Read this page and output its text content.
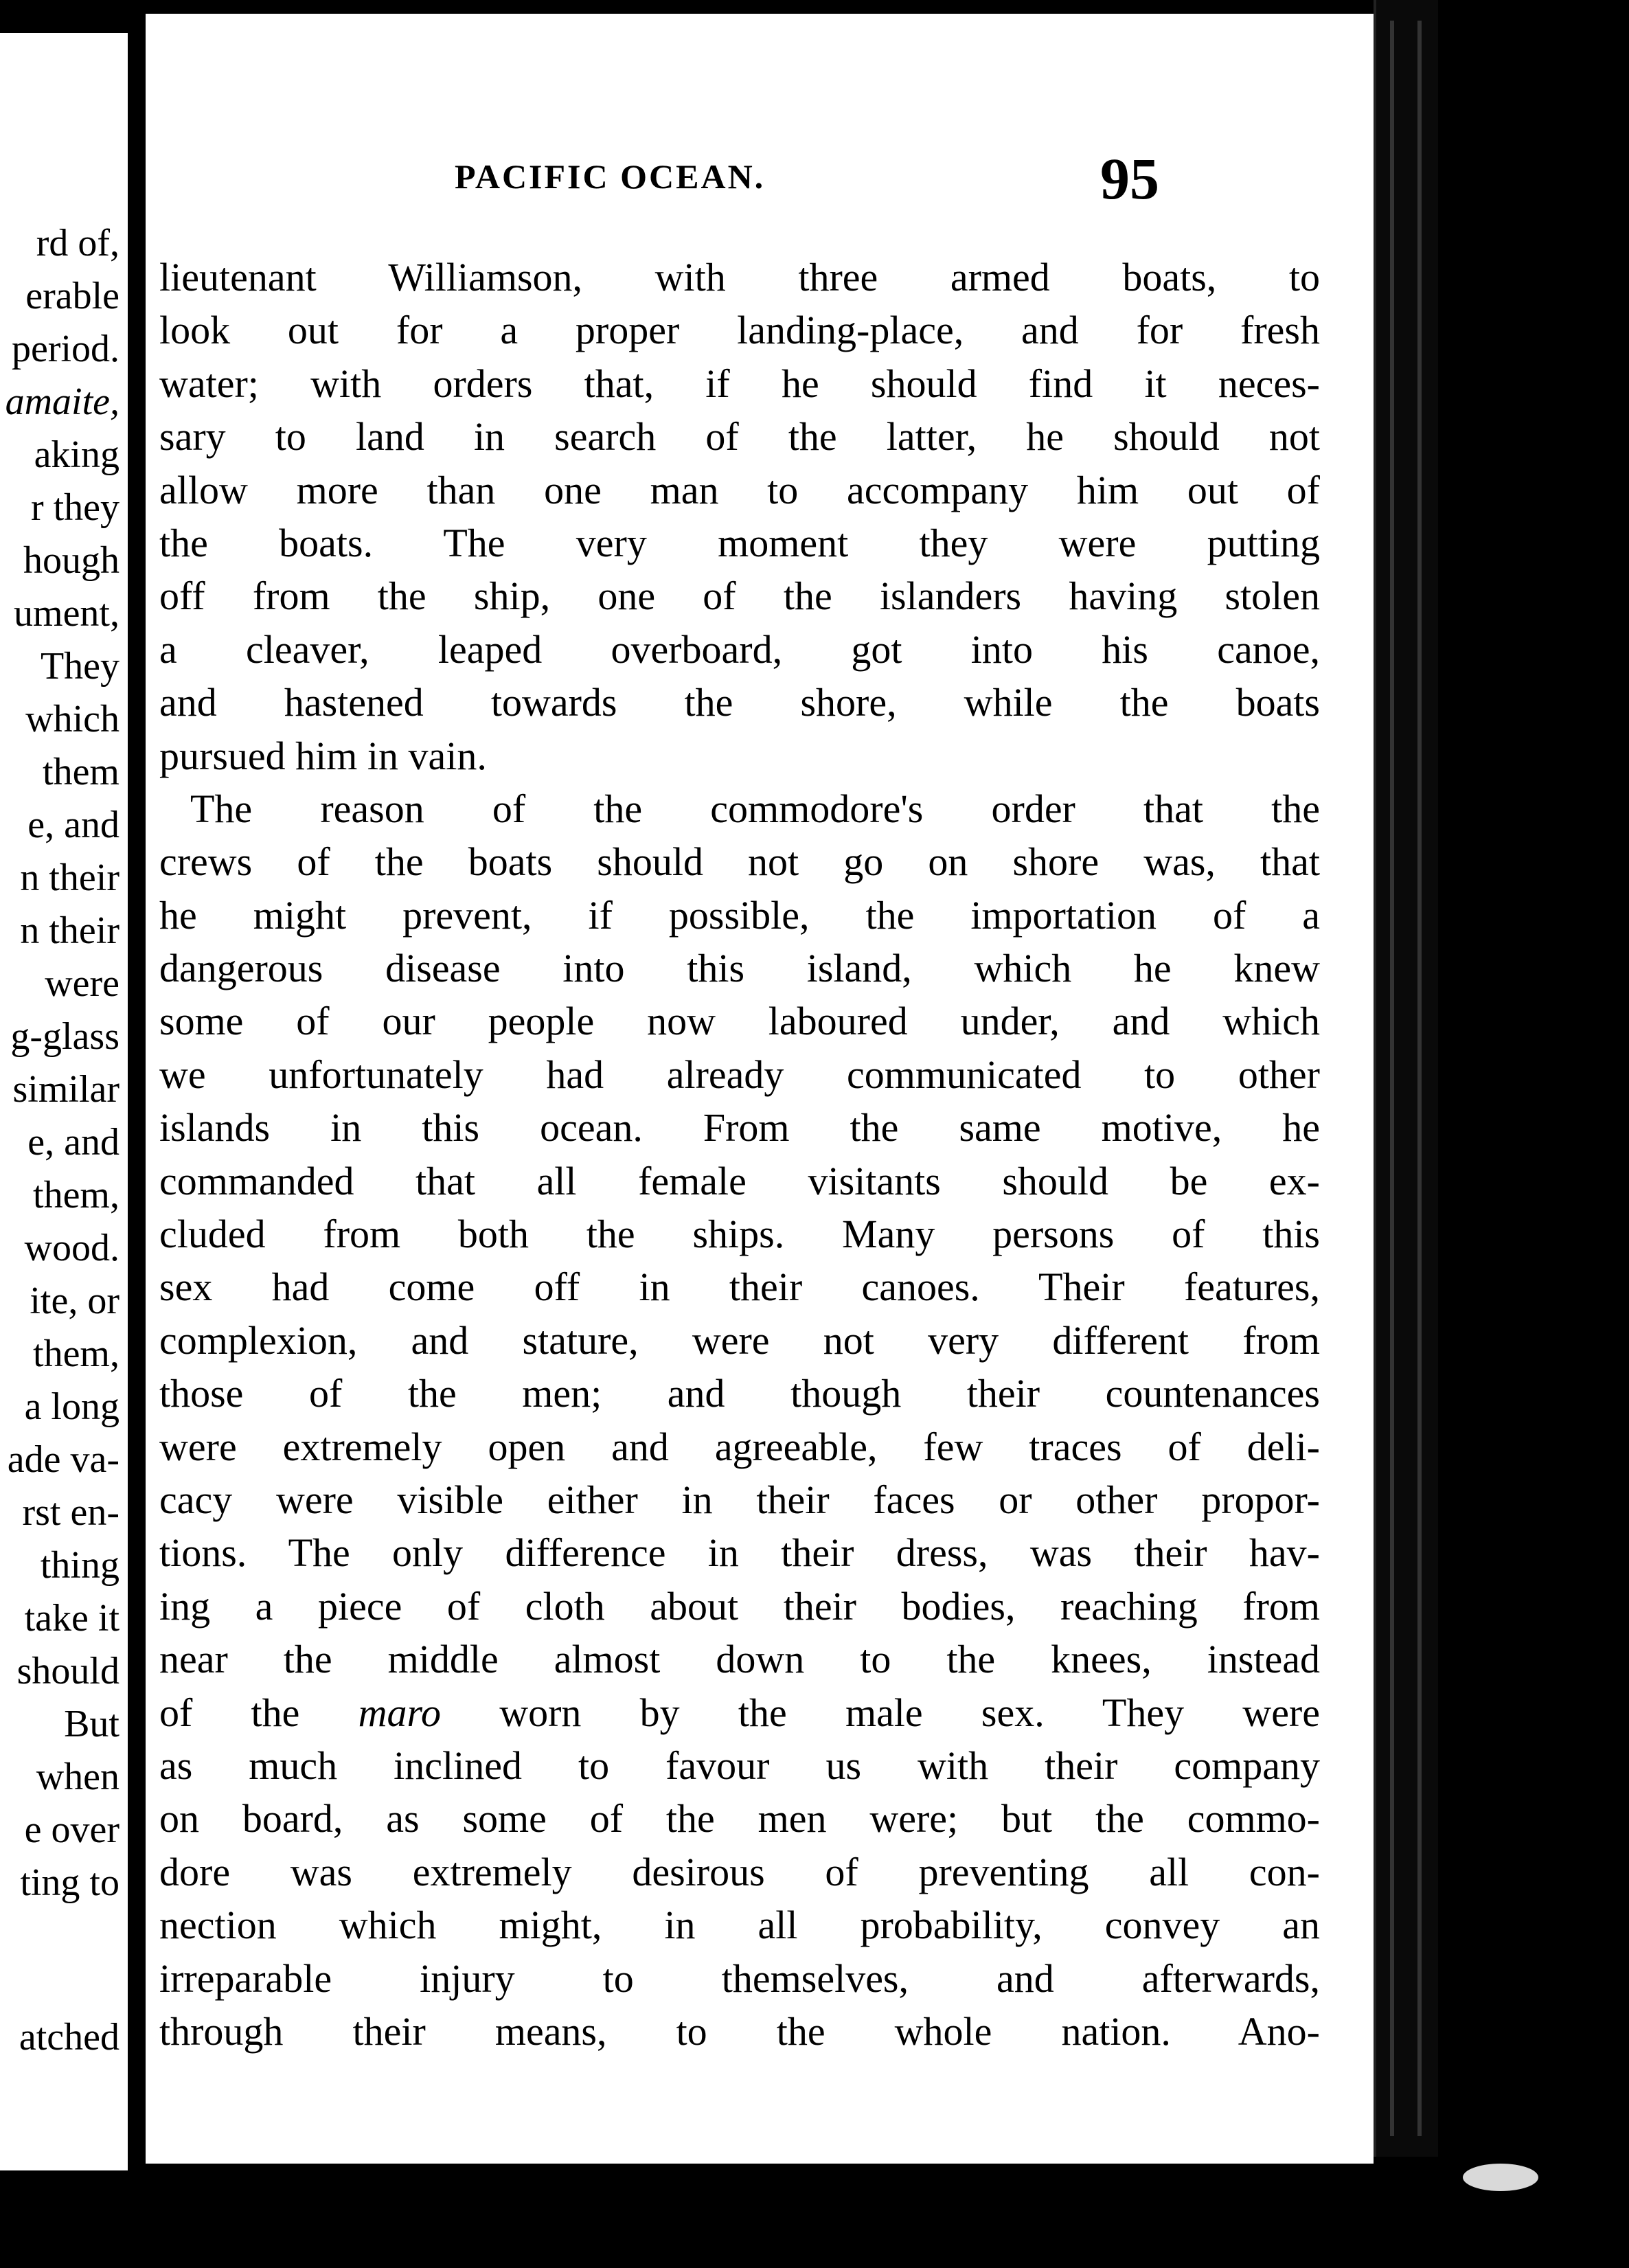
rd of,
erable
period.
amaite,
aking
r they
hough
ument,
They
which
them
e, and
n their
n their
were
g-glass
similar
e, and
them,
wood.
ite, or
them,
a long
ade va-
rst en-
thing
take it
should
But
when
e over
ting to
atched
PACIFIC OCEAN.	95
lieutenant Williamson, with three armed boats, to
look out for a proper landing-place, and for fresh
water; with orders that, if he should find it neces-
sary to land in search of the latter, he should not
allow more than one man to accompany him out of
the boats. The very moment they were putting
off from the ship, one of the islanders having stolen
a cleaver, leaped overboard, got into his canoe,
and hastened towards the shore, while the boats
pursued him in vain.
The reason of the commodore's order that the
crews of the boats should not go on shore was, that
he might prevent, if possible, the importation of a
dangerous disease into this island, which he knew
some of our people now laboured under, and which
we unfortunately had already communicated to other
islands in this ocean. From the same motive, he
commanded that all female visitants should be ex-
cluded from both the ships. Many persons of this
sex had come off in their canoes. Their features,
complexion, and stature, were not very different from
those of the men; and though their countenances
were extremely open and agreeable, few traces of deli-
cacy were visible either in their faces or other propor-
tions. The only difference in their dress, was their hav-
ing a piece of cloth about their bodies, reaching from
near the middle almost down to the knees, instead
of the maro worn by the male sex. They were
as much inclined to favour us with their company
on board, as some of the men were; but the commo-
dore was extremely desirous of preventing all con-
nection which might, in all probability, convey an
irreparable injury to themselves, and afterwards,
through their means, to the whole nation. Ano-
